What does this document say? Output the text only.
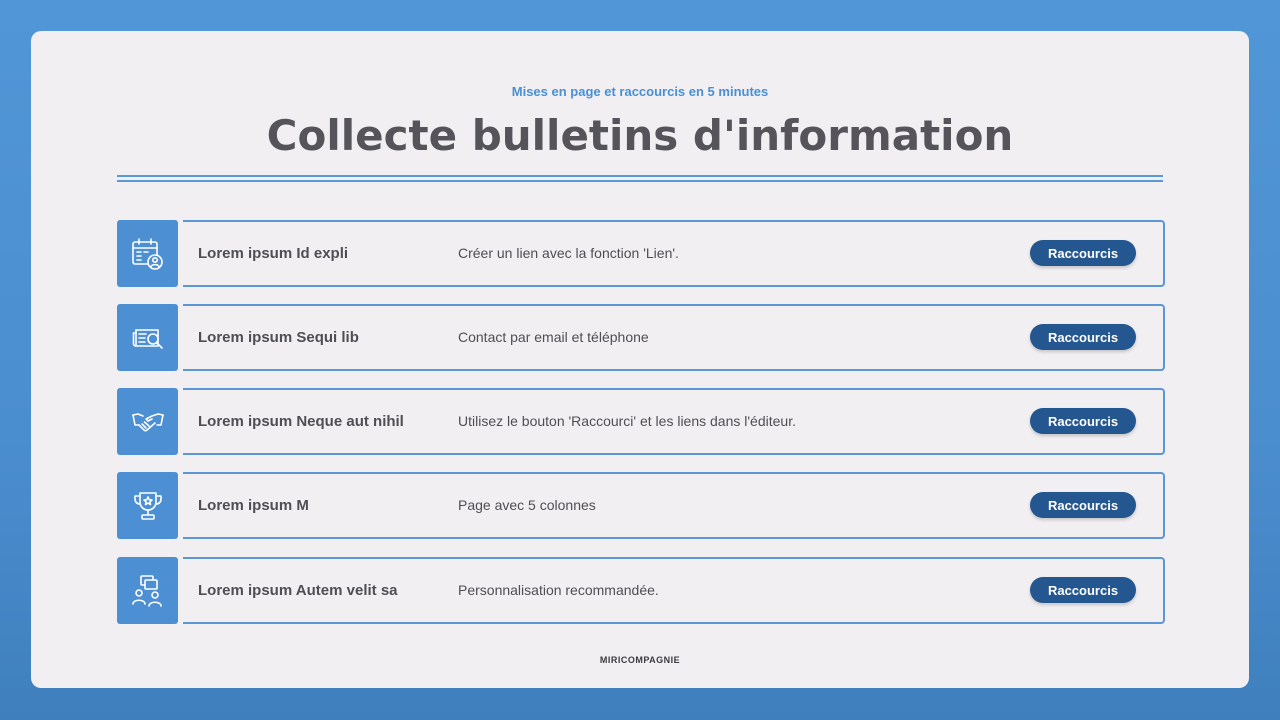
Mises en page et raccourcis en 5 minutes
Collecte bulletins d'information
Lorem ipsum Id expli	Créer un lien avec la fonction 'Lien'.	Raccourcis
Lorem ipsum Sequi lib	Contact par email et téléphone	Raccourcis
Lorem ipsum Neque aut nihil	Utilisez le bouton 'Raccourci' et les liens dans l'éditeur.	Raccourcis
Lorem ipsum M	Page avec 5 colonnes	Raccourcis
Lorem ipsum Autem velit sa	Personnalisation recommandée.	Raccourcis
MIRICOMPAGNIE
